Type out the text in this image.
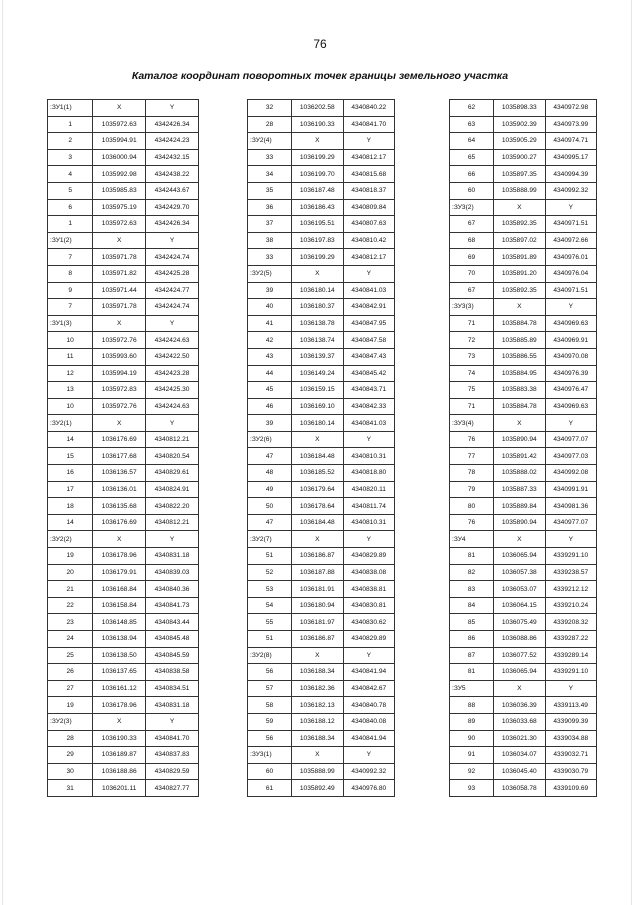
76
Каталог координат поворотных точек границы земельного участка
:ЗУ1(1)	X	Y
1	1035972.63	4342426.34
2	1035994.91	4342424.23
3	1036000.94	4342432.15
4	1035992.98	4342438.22
5	1035985.83	4342443.67
6	1035975.19	4342429.70
1	1035972.63	4342426.34
:ЗУ1(2)	X	Y
7	1035971.78	4342424.74
8	1035971.82	4342425.28
9	1035971.44	4342424.77
7	1035971.78	4342424.74
:ЗУ1(3)	X	Y
10	1035972.76	4342424.63
11	1035993.60	4342422.50
12	1035994.19	4342423.28
13	1035972.83	4342425.30
10	1035972.76	4342424.63
:ЗУ2(1)	X	Y
14	1036176.69	4340812.21
15	1036177.68	4340820.54
16	1036136.57	4340829.61
17	1036136.01	4340824.91
18	1036135.68	4340822.20
14	1036176.69	4340812.21
:ЗУ2(2)	X	Y
19	1036178.96	4340831.18
20	1036179.91	4340839.03
21	1036168.84	4340840.36
22	1036158.84	4340841.73
23	1036148.85	4340843.44
24	1036138.94	4340845.48
25	1036138.50	4340845.59
26	1036137.65	4340838.58
27	1036161.12	4340834.51
19	1036178.96	4340831.18
:ЗУ2(3)	X	Y
28	1036190.33	4340841.70
29	1036189.87	4340837.83
30	1036188.86	4340829.59
31	1036201.11	4340827.77
32	1036202.58	4340840.22
28	1036190.33	4340841.70
:ЗУ2(4)	X	Y
33	1036199.29	4340812.17
34	1036199.70	4340815.68
35	1036187.48	4340818.37
36	1036186.43	4340809.84
37	1036195.51	4340807.63
38	1036197.83	4340810.42
33	1036199.29	4340812.17
:ЗУ2(5)	X	Y
39	1036180.14	4340841.03
40	1036180.37	4340842.91
41	1036138.78	4340847.95
42	1036138.74	4340847.58
43	1036139.37	4340847.43
44	1036149.24	4340845.42
45	1036159.15	4340843.71
46	1036169.10	4340842.33
39	1036180.14	4340841.03
:ЗУ2(6)	X	Y
47	1036184.48	4340810.31
48	1036185.52	4340818.80
49	1036179.64	4340820.11
50	1036178.64	4340811.74
47	1036184.48	4340810.31
:ЗУ2(7)	X	Y
51	1036186.87	4340829.89
52	1036187.88	4340838.08
53	1036181.91	4340838.81
54	1036180.94	4340830.81
55	1036181.97	4340830.62
51	1036186.87	4340829.89
:ЗУ2(8)	X	Y
56	1036188.34	4340841.94
57	1036182.36	4340842.67
58	1036182.13	4340840.78
59	1036188.12	4340840.08
56	1036188.34	4340841.94
:ЗУ3(1)	X	Y
60	1035888.99	4340992.32
61	1035892.49	4340976.80
62	1035898.33	4340972.98
63	1035902.39	4340973.99
64	1035905.29	4340974.71
65	1035900.27	4340995.17
66	1035897.35	4340994.39
60	1035888.99	4340992.32
:ЗУ3(2)	X	Y
67	1035892.35	4340971.51
68	1035897.02	4340972.66
69	1035891.89	4340976.01
70	1035891.20	4340976.04
67	1035892.35	4340971.51
:ЗУ3(3)	X	Y
71	1035884.78	4340969.63
72	1035885.89	4340969.91
73	1035886.55	4340970.08
74	1035884.95	4340976.39
75	1035883.38	4340976.47
71	1035884.78	4340969.63
:ЗУ3(4)	X	Y
76	1035890.94	4340977.07
77	1035891.42	4340977.03
78	1035888.02	4340992.08
79	1035887.33	4340991.91
80	1035889.84	4340981.36
76	1035890.94	4340977.07
:ЗУ4	X	Y
81	1036065.94	4339291.10
82	1036057.38	4339238.57
83	1036053.07	4339212.12
84	1036064.15	4339210.24
85	1036075.49	4339208.32
86	1036088.86	4339287.22
87	1036077.52	4339289.14
81	1036065.94	4339291.10
:ЗУ5	X	Y
88	1036036.39	4339113.49
89	1036033.68	4339099.39
90	1036021.30	4339034.88
91	1036034.07	4339032.71
92	1036045.40	4339030.79
93	1036058.78	4339109.69
